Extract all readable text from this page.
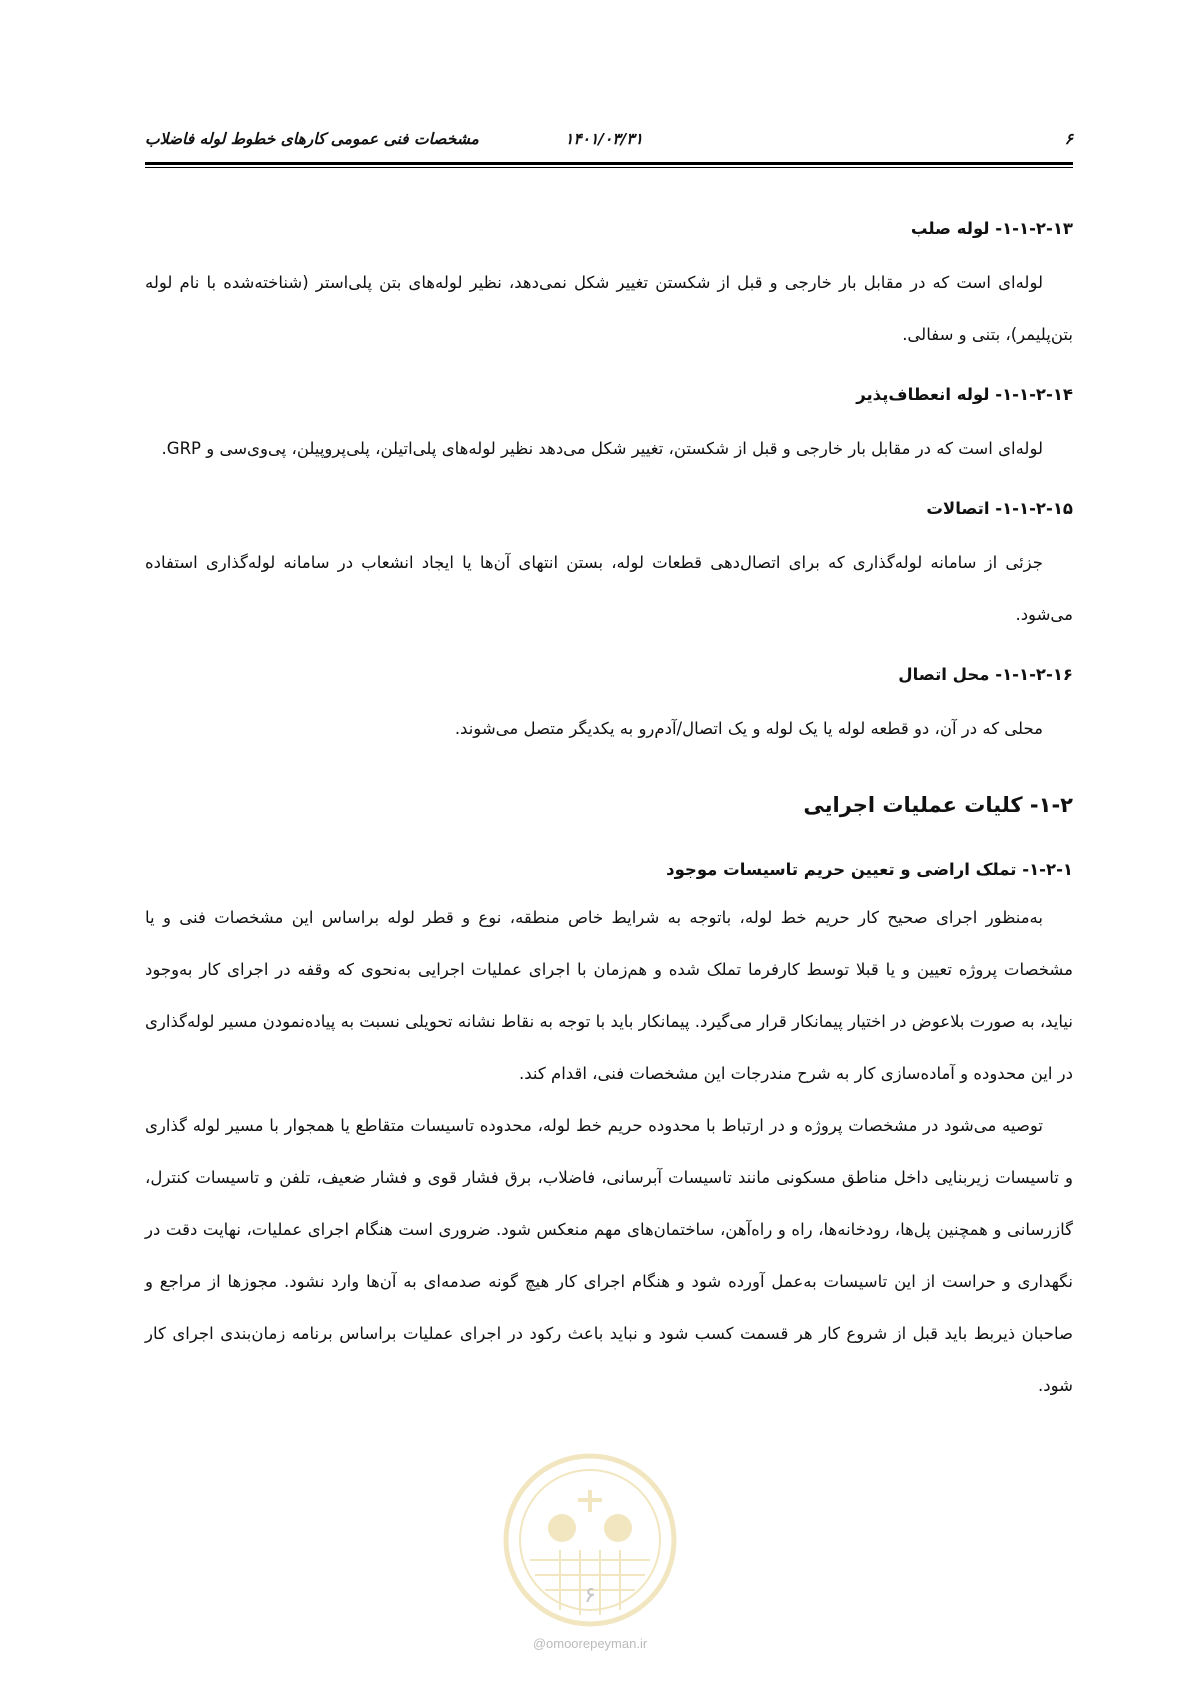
۶
۱۴۰۱/۰۳/۳۱
مشخصات فنی عمومی کارهای خطوط لوله فاضلاب

۱-۱-۲-۱۳- لوله صلب

لوله‌ای است که در مقابل بار خارجی و قبل از شکستن تغییر شکل نمی‌دهد، نظیر لوله‌های بتن پلی‌استر (شناخته‌شده با نام لوله بتن‌پلیمر)، بتنی و سفالی.

۱-۱-۲-۱۴- لوله انعطاف‌پذیر

لوله‌ای است که در مقابل بار خارجی و قبل از شکستن، تغییر شکل می‌دهد نظیر لوله‌های پلی‌اتیلن، پلی‌پروپیلن، پی‌وی‌سی و GRP.

۱-۱-۲-۱۵- اتصالات

جزئی از سامانه لوله‌گذاری که برای اتصال‌دهی قطعات لوله، بستن انتهای آن‌ها یا ایجاد انشعاب در سامانه لوله‌گذاری استفاده می‌شود.

۱-۱-۲-۱۶- محل اتصال

محلی که در آن، دو قطعه لوله یا یک لوله و یک اتصال/آدم‌رو به یکدیگر متصل می‌شوند.

۱-۲- کلیات عملیات اجرایی

۱-۲-۱- تملک اراضی و تعیین حریم تاسیسات موجود

به‌منظور اجرای صحیح کار حریم خط لوله، باتوجه به شرایط خاص منطقه، نوع و قطر لوله براساس این مشخصات فنی و یا مشخصات پروژه تعیین و یا قبلا توسط کارفرما تملک شده و هم‌زمان با اجرای عملیات اجرایی به‌نحوی که وقفه در اجرای کار به‌وجود نیاید، به صورت بلاعوض در اختیار پیمانکار قرار می‌گیرد. پیمانکار باید با توجه به نقاط نشانه تحویلی نسبت به پیاده‌نمودن مسیر لوله‌گذاری در این محدوده و آماده‌سازی کار به شرح مندرجات این مشخصات فنی، اقدام کند.

توصیه می‌شود در مشخصات پروژه و در ارتباط با محدوده حریم خط لوله، محدوده تاسیسات متقاطع یا همجوار با مسیر لوله گذاری و تاسیسات زیربنایی داخل مناطق مسکونی مانند تاسیسات آبرسانی، فاضلاب، برق فشار قوی و فشار ضعیف، تلفن و تاسیسات کنترل، گازرسانی و همچنین پل‌ها، رودخانه‌ها، راه و راه‌آهن، ساختمان‌های مهم منعکس شود. ضروری است هنگام اجرای عملیات، نهایت دقت در نگهداری و حراست از این تاسیسات به‌عمل آورده شود و هنگام اجرای کار هیچ گونه صدمه‌ای به آن‌ها وارد نشود. مجوزها از مراجع و صاحبان ذیربط باید قبل از شروع کار هر قسمت کسب شود و نباید باعث رکود در اجرای عملیات براساس برنامه زمان‌بندی اجرای کار شود.

۶
@omoorepeyman.ir
